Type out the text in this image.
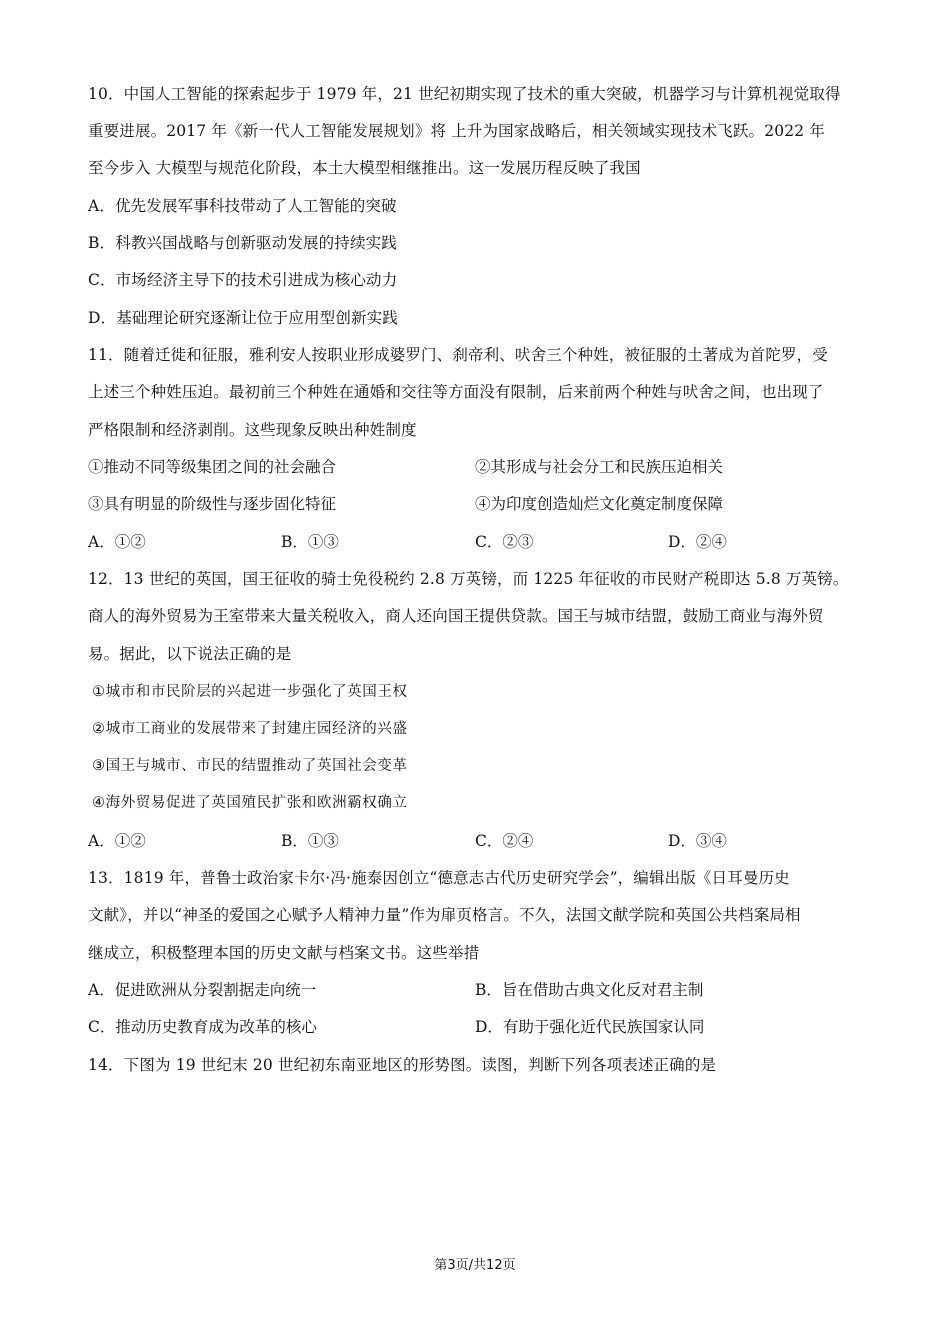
10．中国人工智能的探索起步于 1979 年，21 世纪初期实现了技术的重大突破，机器学习与计算机视觉取得
重要进展。2017 年《新一代人工智能发展规划》将 上升为国家战略后，相关领域实现技术飞跃。2022 年
至今步入 大模型与规范化阶段，本土大模型相继推出。这一发展历程反映了我国
A．优先发展军事科技带动了人工智能的突破
B．科教兴国战略与创新驱动发展的持续实践
C．市场经济主导下的技术引进成为核心动力
D．基础理论研究逐渐让位于应用型创新实践
11．随着迁徙和征服，雅利安人按职业形成婆罗门、刹帝利、吠舍三个种姓，被征服的土著成为首陀罗，受
上述三个种姓压迫。最初前三个种姓在通婚和交往等方面没有限制，后来前两个种姓与吠舍之间，也出现了
严格限制和经济剥削。这些现象反映出种姓制度
①推动不同等级集团之间的社会融合	②其形成与社会分工和民族压迫相关
③具有明显的阶级性与逐步固化特征	④为印度创造灿烂文化奠定制度保障
A．①②	B．①③	C．②③	D．②④
12．13 世纪的英国，国王征收的骑士免役税约 2.8 万英镑，而 1225 年征收的市民财产税即达 5.8 万英镑。
商人的海外贸易为王室带来大量关税收入，商人还向国王提供贷款。国王与城市结盟，鼓励工商业与海外贸
易。据此，以下说法正确的是
①城市和市民阶层的兴起进一步强化了英国王权
②城市工商业的发展带来了封建庄园经济的兴盛
③国王与城市、市民的结盟推动了英国社会变革
④海外贸易促进了英国殖民扩张和欧洲霸权确立
A．①②	B．①③	C．②④	D．③④
13．1819 年，普鲁士政治家卡尔·冯·施泰因创立“德意志古代历史研究学会”，编辑出版《日耳曼历史
文献》，并以“神圣的爱国之心赋予人精神力量”作为扉页格言。不久，法国文献学院和英国公共档案局相
继成立，积极整理本国的历史文献与档案文书。这些举措
A．促进欧洲从分裂割据走向统一	B．旨在借助古典文化反对君主制
C．推动历史教育成为改革的核心	D．有助于强化近代民族国家认同
14．下图为 19 世纪末 20 世纪初东南亚地区的形势图。读图，判断下列各项表述正确的是
第3页/共12页
